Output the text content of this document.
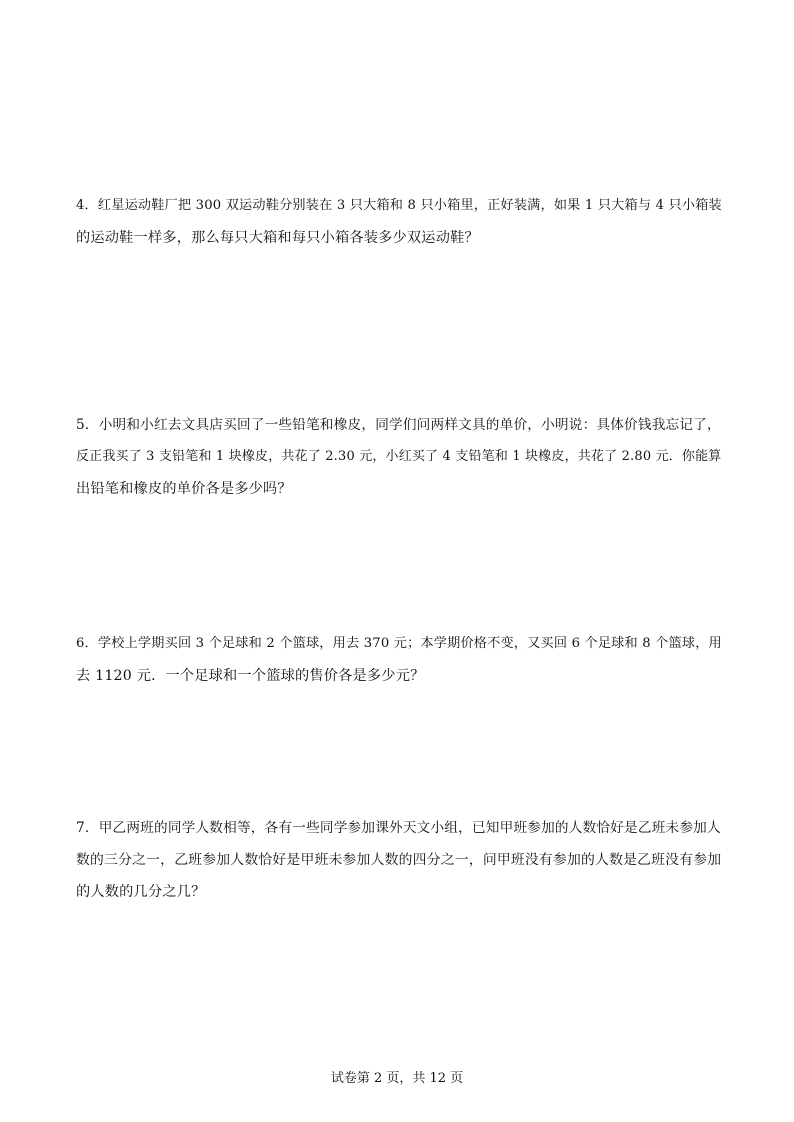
4．红星运动鞋厂把 300 双运动鞋分别装在 3 只大箱和 8 只小箱里，正好装满，如果 1 只大箱与 4 只小箱装
的运动鞋一样多，那么每只大箱和每只小箱各装多少双运动鞋？
5．小明和小红去文具店买回了一些铅笔和橡皮，同学们问两样文具的单价，小明说：具体价钱我忘记了，
反正我买了 3 支铅笔和 1 块橡皮，共花了 2.30 元，小红买了 4 支铅笔和 1 块橡皮，共花了 2.80 元．你能算
出铅笔和橡皮的单价各是多少吗？
6．学校上学期买回 3 个足球和 2 个篮球，用去 370 元；本学期价格不变，又买回 6 个足球和 8 个篮球，用
去 1120 元．一个足球和一个篮球的售价各是多少元？
7．甲乙两班的同学人数相等，各有一些同学参加课外天文小组，已知甲班参加的人数恰好是乙班未参加人
数的三分之一，乙班参加人数恰好是甲班未参加人数的四分之一，问甲班没有参加的人数是乙班没有参加
的人数的几分之几？
试卷第 2 页，共 12 页
